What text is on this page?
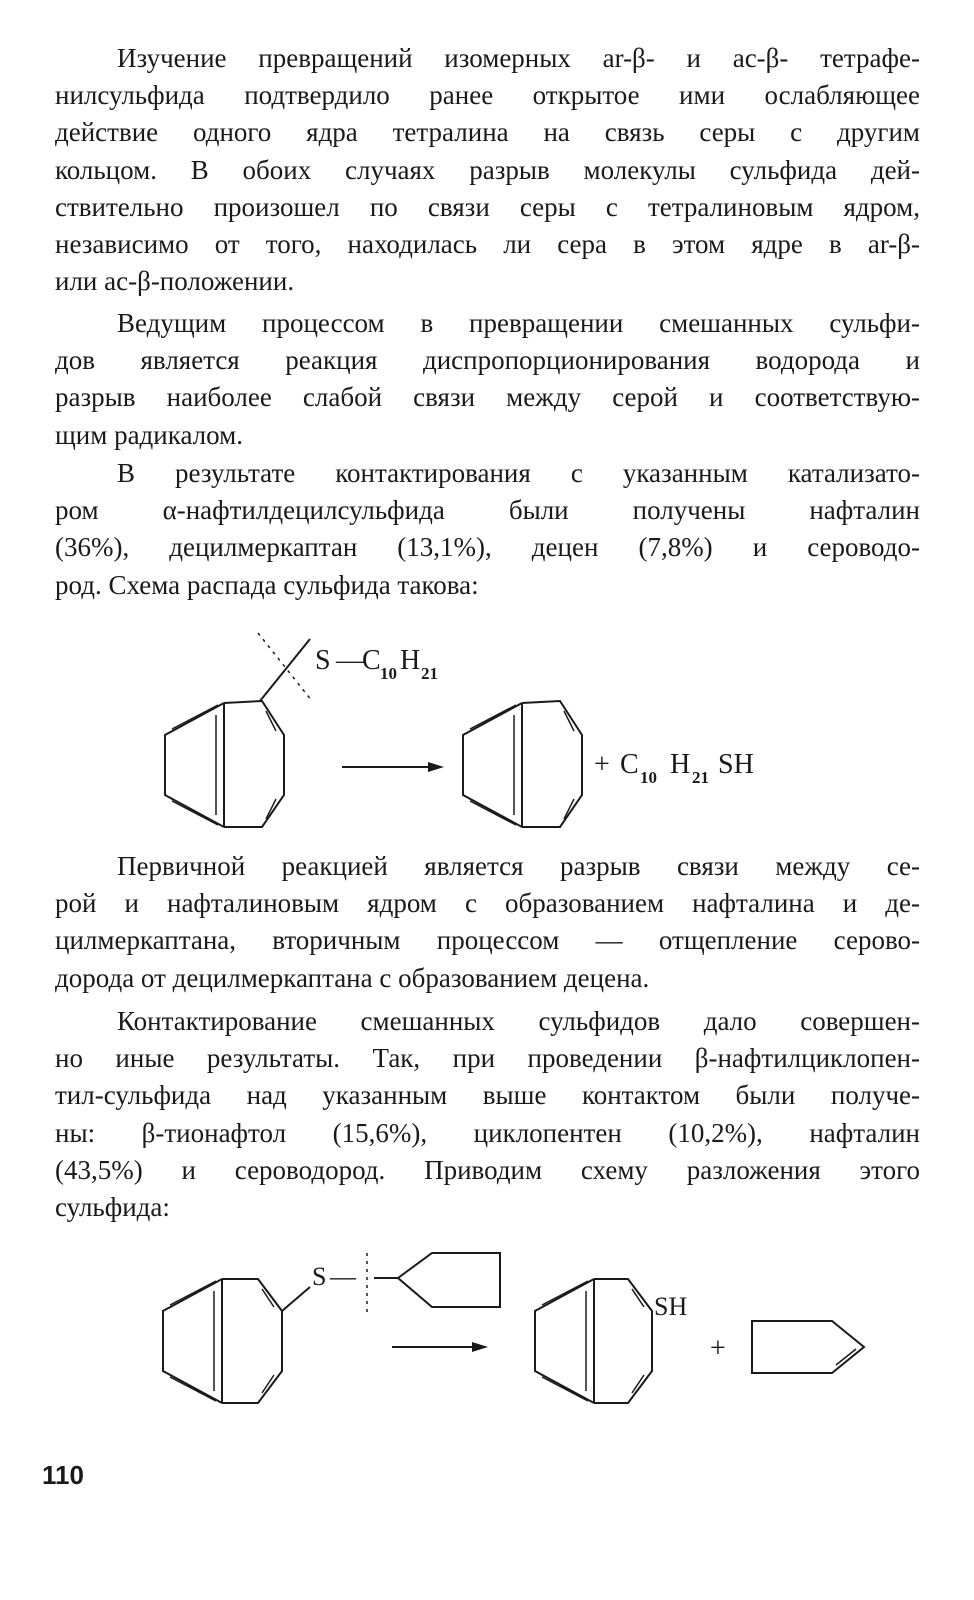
Изучение превращений изомерных ar-β- и ac-β- тетрафе-
нилсульфида подтвердило ранее открытое ими ослабляющее
действие одного ядра тетралина на связь серы с другим
кольцом. В обоих случаях разрыв молекулы сульфида дей-
ствительно произошел по связи серы с тетралиновым ядром,
независимо от того, находилась ли сера в этом ядре в ar-β-
или ac-β-положении.
Ведущим процессом в превращении смешанных сульфи-
дов является реакция диспропорционирования водорода и
разрыв наиболее слабой связи между серой и соответствую-
щим радикалом.
В результате контактирования с указанным катализато-
ром α-нафтилдецилсульфида были получены нафталин
(36%), децилмеркаптан (13,1%), децен (7,8%) и сероводо-
род. Схема распада сульфида такова:
S —
C 10 H 21
+ C 10 H 21 SH
Первичной реакцией является разрыв связи между се-
рой и нафталиновым ядром с образованием нафталина и де-
цилмеркаптана, вторичным процессом — отщепление серово-
дорода от децилмеркаптана с образованием децена.
Контактирование смешанных сульфидов дало совершен-
но иные результаты. Так, при проведении β-нафтилциклопен-
тил-сульфида над указанным выше контактом были получе-
ны: β-тионафтол (15,6%), циклопентен (10,2%), нафталин
(43,5%) и сероводород. Приводим схему разложения этого
сульфида:
S —
SH
+
110
